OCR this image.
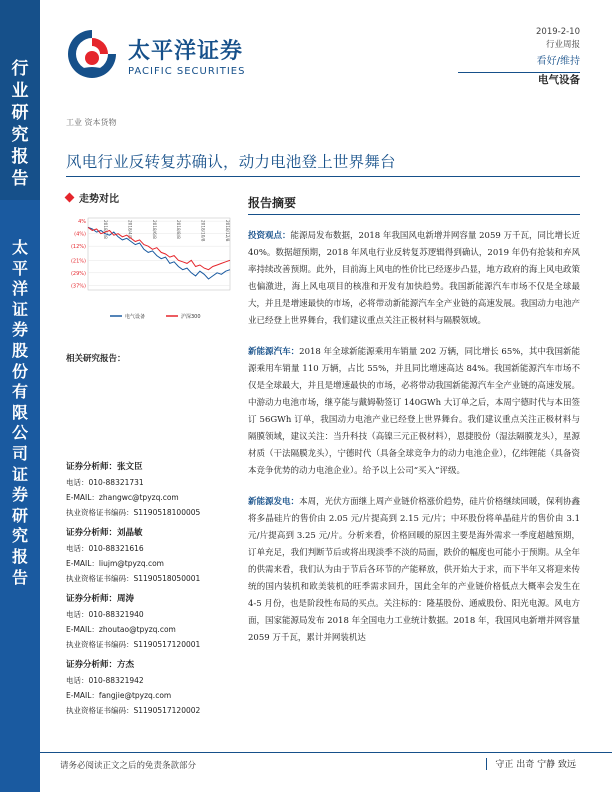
行
业
研
究
报
告
太
平
洋
证
券
股
份
有
限
公
司
证
券
研
究
报
告
太平洋证券
PACIFIC SECURITIES
2019-2-10
行业周报
看好/维持
电气设备
工业 资本货物
风电行业反转复苏确认，动力电池登上世界舞台
走势对比
4%
(4%)
(12%)
(21%)
(29%)
(37%)
2018/2/8	2018/4/8	2018/6/8	2018/8/8	2018/10/8	2018/12/8
电气设备	沪深300
相关研究报告：
证券分析师：张文臣
电话：010-88321731
E-MAIL：zhangwc@tpyzq.com
执业资格证书编码：S1190518100005
证券分析师：刘晶敏
电话：010-88321616
E-MAIL：liujm@tpyzq.com
执业资格证书编码：S1190518050001
证券分析师：周涛
电话：010-88321940
E-MAIL：zhoutao@tpyzq.com
执业资格证书编码：S1190517120001
证券分析师：方杰
电话：010-88321942
E-MAIL：fangjie@tpyzq.com
执业资格证书编码：S1190517120002
报告摘要
投资观点：能源局发布数据，2018 年我国风电新增并网容量 2059 万千瓦，同比增长近 40%。数据超预期，2018 年风电行业反转复苏逻辑得到确认，2019 年仍有抢装和弃风率持续改善预期。此外，目前海上风电的性价比已经逐步凸显，地方政府的海上风电政策也偏激进，海上风电项目的核准和开发有加快趋势。我国新能源汽车市场不仅是全球最大，并且是增速最快的市场，必将带动新能源汽车全产业链的高速发展。我国动力电池产业已经登上世界舞台，我们建议重点关注正极材料与隔膜领域。
新能源汽车：2018 年全球新能源乘用车销量 202 万辆，同比增长 65%，其中我国新能源乘用车销量 110 万辆，占比 55%，并且同比增速高达 84%。我国新能源汽车市场不仅是全球最大，并且是增速最快的市场，必将带动我国新能源汽车全产业链的高速发展。中游动力电池市场，继亨能与戴姆勒签订 140GWh 大订单之后，本周宁德时代与本田签订 56GWh 订单，我国动力电池产业已经登上世界舞台。我们建议重点关注正极材料与隔膜领域，建议关注：当升科技（高镍三元正极材料），恩捷股份（湿法隔膜龙头），星源材质（干法隔膜龙头），宁德时代（具备全球竞争力的动力电池企业），亿纬锂能（具备资本竞争优势的动力电池企业）。给予以上公司“买入”评级。
新能源发电：本周，光伏方面继上周产业链价格涨价趋势，硅片价格继续回暖，保利协鑫将多晶硅片的售价由 2.05 元/片提高到 2.15 元/片；中环股份将单晶硅片的售价由 3.1 元/片提高到 3.25 元/片。分析来看，价格回暖的原因主要是海外需求一季度超越预期，订单充足，我们判断节后或将出现淡季不淡的局面，跌价的幅度也可能小于预期。从全年的供需来看，我们认为由于节后各环节的产能释放，供开始大于求，而下半年又将迎来传统的国内装机和欧美装机的旺季需求回升，国此全年的产业链价格低点大概率会发生在 4-5 月份，也是阶段性布局的买点。关注标的：隆基股份、通威股份、阳光电源。风电方面，国家能源局发布 2018 年全国电力工业统计数据。2018 年，我国风电新增并网容量 2059 万千瓦，累计并网装机达
请务必阅读正文之后的免责条款部分	守正 出奇 宁静 致远
